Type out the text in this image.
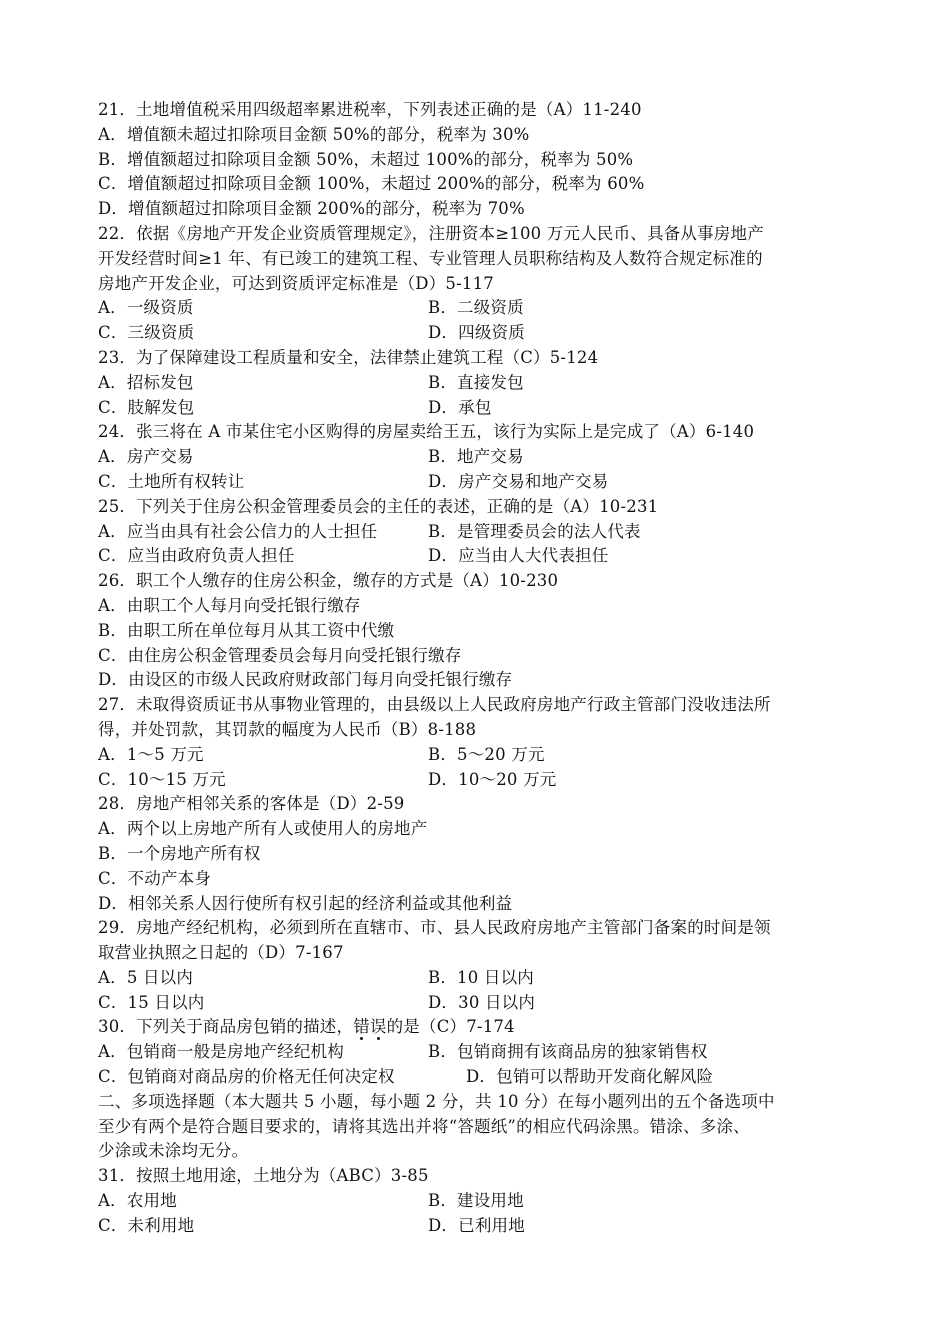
21．土地增值税采用四级超率累进税率，下列表述正确的是（A）11-240
A．增值额未超过扣除项目金额 50%的部分，税率为 30%
B．增值额超过扣除项目金额 50%，未超过 100%的部分，税率为 50%
C．增值额超过扣除项目金额 100%，未超过 200%的部分，税率为 60%
D．增值额超过扣除项目金额 200%的部分，税率为 70%
22．依据《房地产开发企业资质管理规定》，注册资本≥100 万元人民币、具备从事房地产
开发经营时间≥1 年、有已竣工的建筑工程、专业管理人员职称结构及人数符合规定标准的
房地产开发企业，可达到资质评定标准是（D）5-117
A．一级资质	B．二级资质
C．三级资质	D．四级资质
23．为了保障建设工程质量和安全，法律禁止建筑工程（C）5-124
A．招标发包	B．直接发包
C．肢解发包	D．承包
24．张三将在 A 市某住宅小区购得的房屋卖给王五，该行为实际上是完成了（A）6-140
A．房产交易	B．地产交易
C．土地所有权转让	D．房产交易和地产交易
25．下列关于住房公积金管理委员会的主任的表述，正确的是（A）10-231
A．应当由具有社会公信力的人士担任	B．是管理委员会的法人代表
C．应当由政府负责人担任	D．应当由人大代表担任
26．职工个人缴存的住房公积金，缴存的方式是（A）10-230
A．由职工个人每月向受托银行缴存
B．由职工所在单位每月从其工资中代缴
C．由住房公积金管理委员会每月向受托银行缴存
D．由设区的市级人民政府财政部门每月向受托银行缴存
27．未取得资质证书从事物业管理的，由县级以上人民政府房地产行政主管部门没收违法所
得，并处罚款，其罚款的幅度为人民币（B）8-188
A．1～5 万元	B．5～20 万元
C．10～15 万元	D．10～20 万元
28．房地产相邻关系的客体是（D）2-59
A．两个以上房地产所有人或使用人的房地产
B．一个房地产所有权
C．不动产本身
D．相邻关系人因行使所有权引起的经济利益或其他利益
29．房地产经纪机构，必须到所在直辖市、市、县人民政府房地产主管部门备案的时间是领
取营业执照之日起的（D）7-167
A．5 日以内	B．10 日以内
C．15 日以内	D．30 日以内
30．下列关于商品房包销的描述，错误的是（C）7-174
A．包销商一般是房地产经纪机构	B．包销商拥有该商品房的独家销售权
C．包销商对商品房的价格无任何决定权	D．包销可以帮助开发商化解风险
二、多项选择题（本大题共 5 小题，每小题 2 分，共 10 分）在每小题列出的五个备选项中
至少有两个是符合题目要求的，请将其选出并将“答题纸”的相应代码涂黑。错涂、多涂、
少涂或未涂均无分。
31．按照土地用途，土地分为（ABC）3-85
A．农用地	B．建设用地
C．未利用地	D．已利用地
